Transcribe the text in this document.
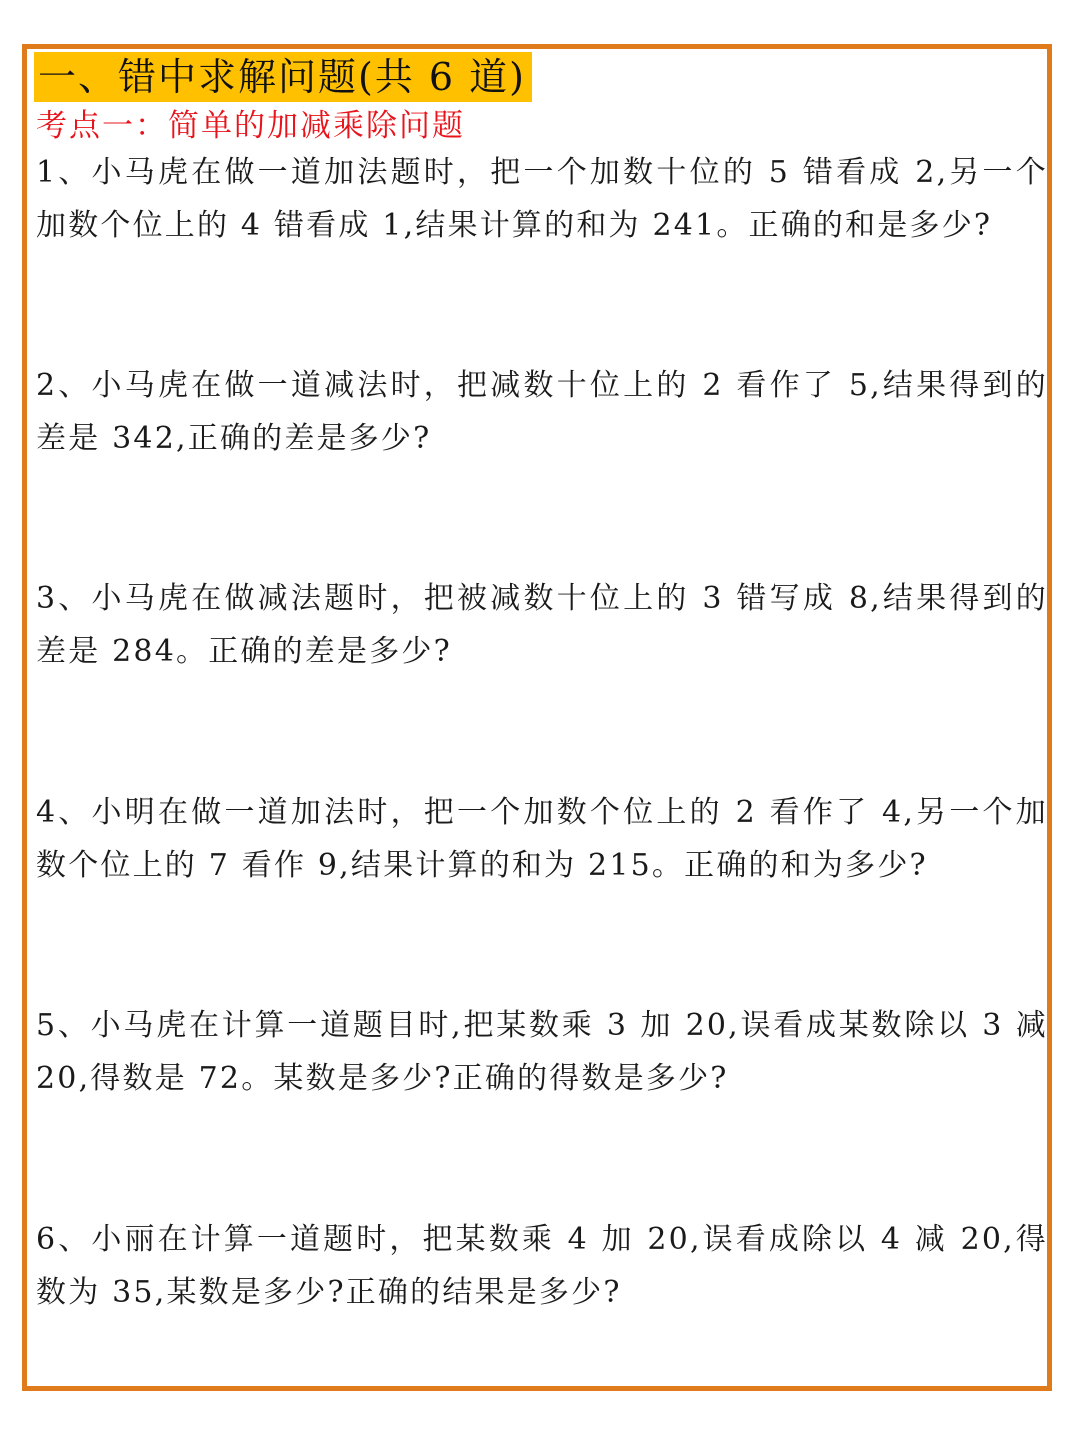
一、错中求解问题(共 6 道)
考点一：简单的加减乘除问题

1、小马虎在做一道加法题时，把一个加数十位的 5 错看成 2,另一个加数个位上的 4 错看成 1,结果计算的和为 241。正确的和是多少?

2、小马虎在做一道减法时，把减数十位上的 2 看作了 5,结果得到的差是 342,正确的差是多少?

3、小马虎在做减法题时，把被减数十位上的 3 错写成 8,结果得到的差是 284。正确的差是多少?

4、小明在做一道加法时，把一个加数个位上的 2 看作了 4,另一个加数个位上的 7 看作 9,结果计算的和为 215。正确的和为多少?

5、小马虎在计算一道题目时,把某数乘 3 加 20,误看成某数除以 3 减 20,得数是 72。某数是多少?正确的得数是多少?

6、小丽在计算一道题时，把某数乘 4 加 20,误看成除以 4 减 20,得数为 35,某数是多少?正确的结果是多少?
